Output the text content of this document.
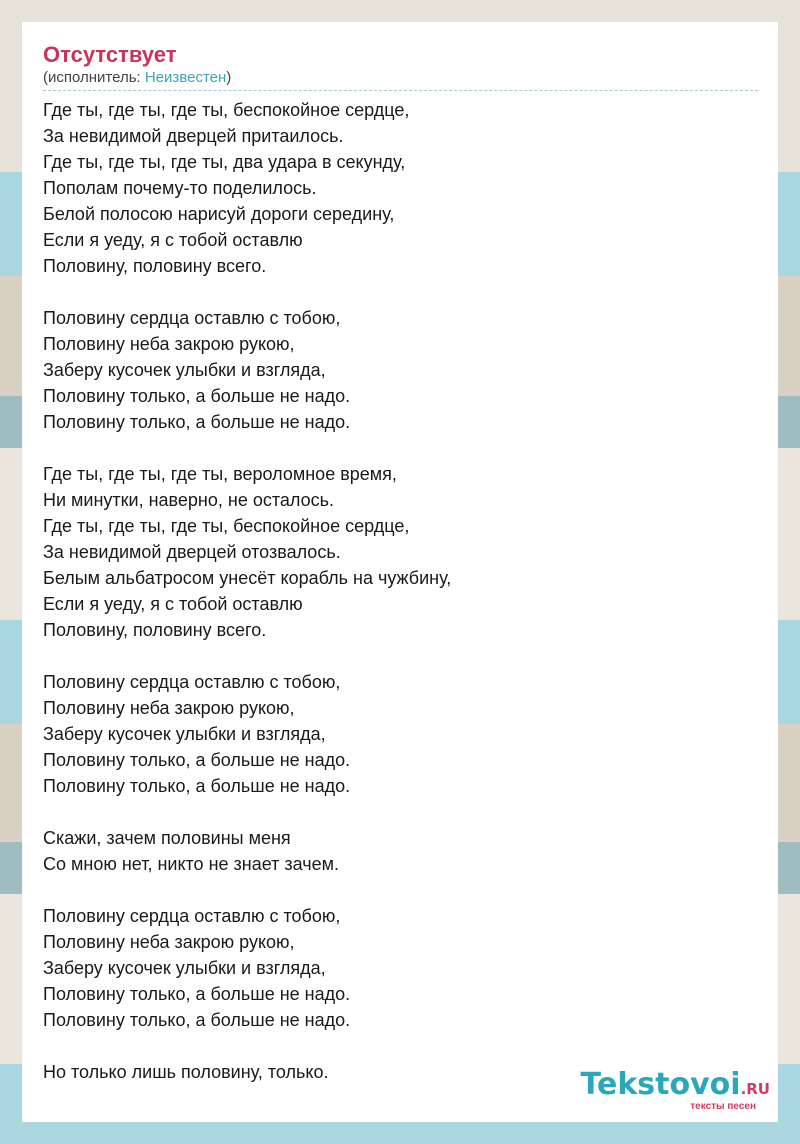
Отсутствует
(исполнитель: Неизвестен)
Где ты, где ты, где ты, беспокойное сердце,
За невидимой дверцей притаилось.
Где ты, где ты, где ты, два удара в секунду,
Пополам почему-то поделилось.
Белой полосою нарисуй дороги середину,
Если я уеду, я с тобой оставлю
Половину, половину всего.
Половину сердца оставлю с тобою,
Половину неба закрою рукою,
Заберу кусочек улыбки и взгляда,
Половину только, а больше не надо.
Половину только, а больше не надо.
Где ты, где ты, где ты, вероломное время,
Ни минутки, наверно, не осталось.
Где ты, где ты, где ты, беспокойное сердце,
За невидимой дверцей отозвалось.
Белым альбатросом унесёт корабль на чужбину,
Если я уеду, я с тобой оставлю
Половину, половину всего.
Половину сердца оставлю с тобою,
Половину неба закрою рукою,
Заберу кусочек улыбки и взгляда,
Половину только, а больше не надо.
Половину только, а больше не надо.
Скажи, зачем половины меня
Со мною нет, никто не знает зачем.
Половину сердца оставлю с тобою,
Половину неба закрою рукою,
Заберу кусочек улыбки и взгляда,
Половину только, а больше не надо.
Половину только, а больше не надо.
Но только лишь половину, только.	Tekstovoi.RU
тексты песен
